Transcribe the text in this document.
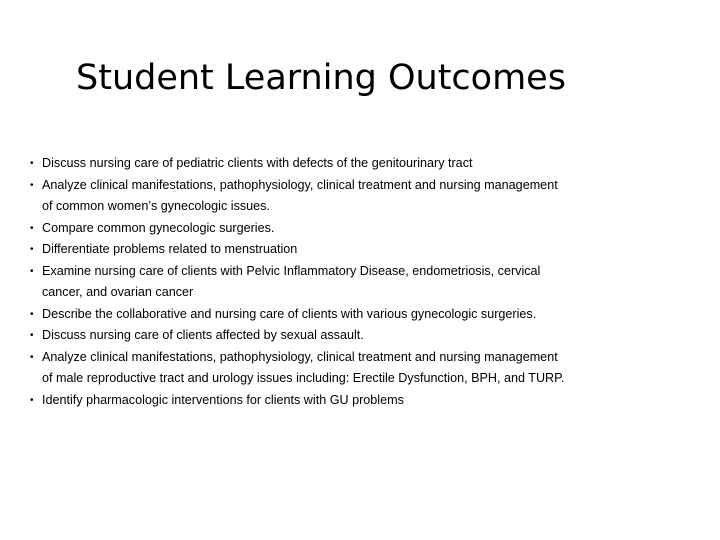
Student Learning Outcomes
• Discuss nursing care of pediatric clients with defects of the genitourinary tract
• Analyze clinical manifestations, pathophysiology, clinical treatment and nursing management
of common women’s gynecologic issues.
• Compare common gynecologic surgeries.
• Differentiate problems related to menstruation
• Examine nursing care of clients with Pelvic Inflammatory Disease, endometriosis, cervical
cancer, and ovarian cancer
• Describe the collaborative and nursing care of clients with various gynecologic surgeries.
• Discuss nursing care of clients affected by sexual assault.
• Analyze clinical manifestations, pathophysiology, clinical treatment and nursing management
of male reproductive tract and urology issues including: Erectile Dysfunction, BPH, and TURP.
• Identify pharmacologic interventions for clients with GU problems
